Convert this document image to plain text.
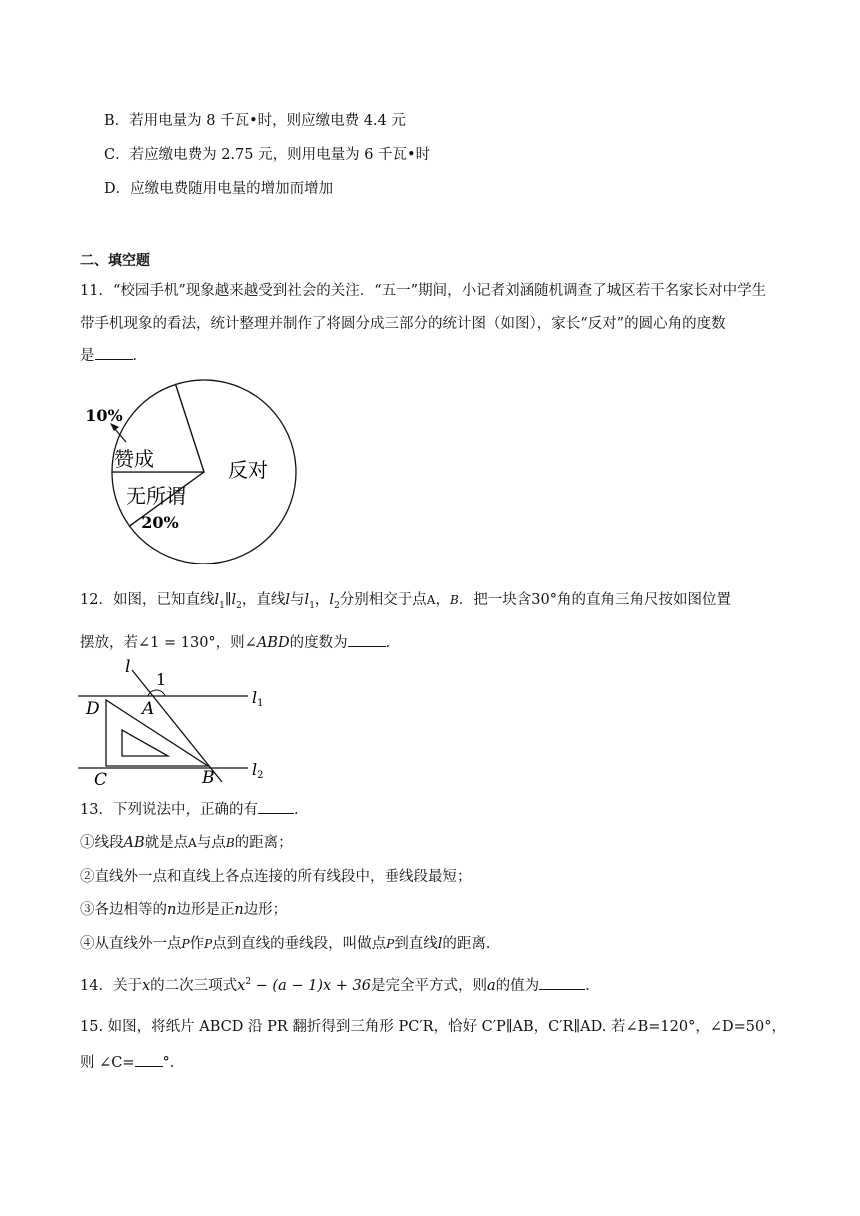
B．若用电量为 8 千瓦•时，则应缴电费 4.4 元
C．若应缴电费为 2.75 元，则用电量为 6 千瓦•时
D．应缴电费随用电量的增加而增加
二、填空题
11．“校园手机”现象越来越受到社会的关注．“五一”期间，小记者刘涵随机调查了城区若干名家长对中学生
带手机现象的看法，统计整理并制作了将圆分成三部分的统计图（如图），家长“反对”的圆心角的度数
是	．
赞成
无所谓
反对
10%
20%
12．如图，已知直线$l_1\parallel l_2$，直线l与$l_1$，$l_2$分别相交于点A，B．把一块含30°角的直角三角尺按如图位置
摆放，若∠1 = 130°，则∠ABD的度数为	．
l
1
l1
l2
D A
C	B
13．下列说法中，正确的有 ．
①线段AB就是点A与点B的距离；
②直线外一点和直线上各点连接的所有线段中，垂线段最短；
③各边相等的n边形是正n边形；
④从直线外一点P作P点到直线的垂线段，叫做点P到直线l的距离．
14．关于x的二次三项式$x^2 - (a - 1)x + 36$是完全平方式，则a的值为	．
15. 如图，将纸片 ABCD 沿 PR 翻折得到三角形 PC′R，恰好 C′P∥AB，C′R∥AD. 若∠B=120°，∠D=50°，
则 ∠C= °．
